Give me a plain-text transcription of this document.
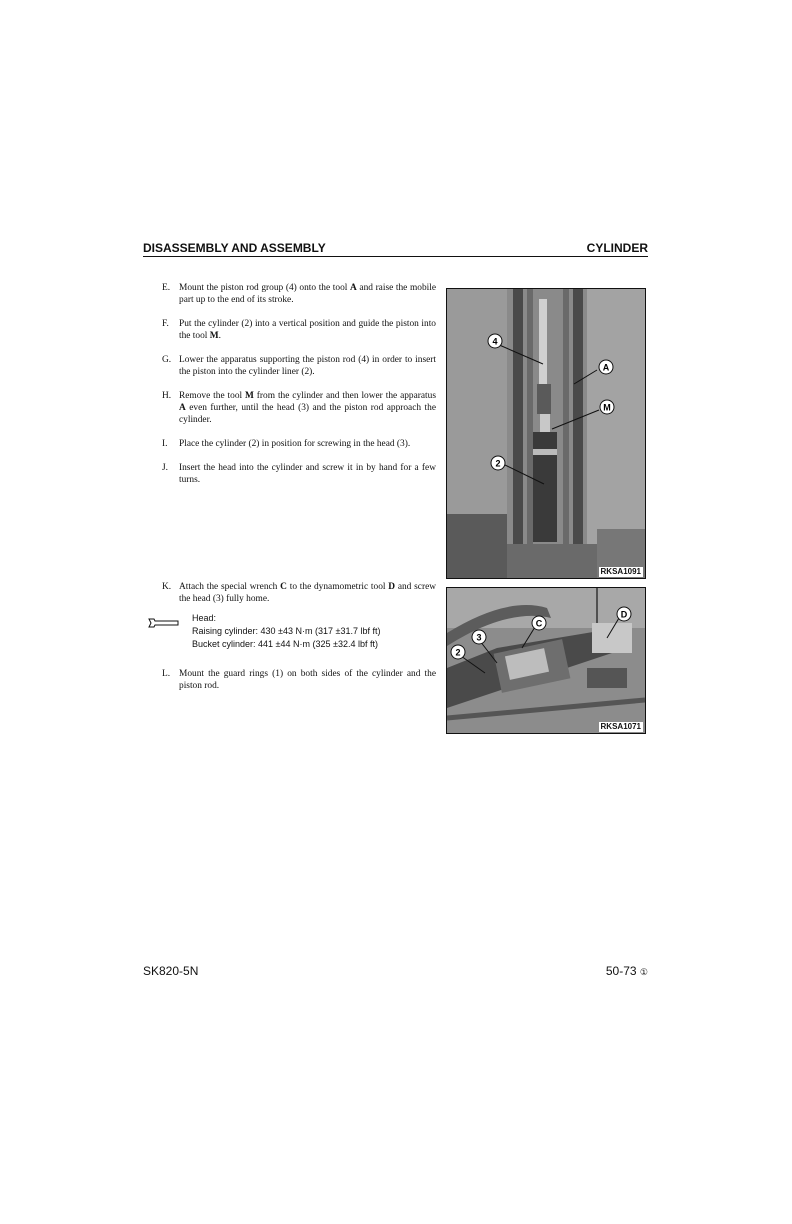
DISASSEMBLY AND ASSEMBLY	CYLINDER
E. Mount the piston rod group (4) onto the tool A and raise the mobile part up to the end of its stroke.
F. Put the cylinder (2) into a vertical position and guide the piston into the tool M.
G. Lower the apparatus supporting the piston rod (4) in order to insert the piston into the cylinder liner (2).
H. Remove the tool M from the cylinder and then lower the apparatus A even further, until the head (3) and the piston rod approach the cylinder.
I. Place the cylinder (2) in position for screwing in the head (3).
J. Insert the head into the cylinder and screw it in by hand for a few turns.
K. Attach the special wrench C to the dynamometric tool D and screw the head (3) fully home.
Head:
Raising cylinder: 430 ±43 N·m (317 ±31.7 lbf ft)
Bucket cylinder: 441 ±44 N·m (325 ±32.4 lbf ft)
L. Mount the guard rings (1) on both sides of the cylinder and the piston rod.
4
A
M
2
RKSA1091
D
C
3
2
RKSA1071
SK820-5N	50-73 ①
